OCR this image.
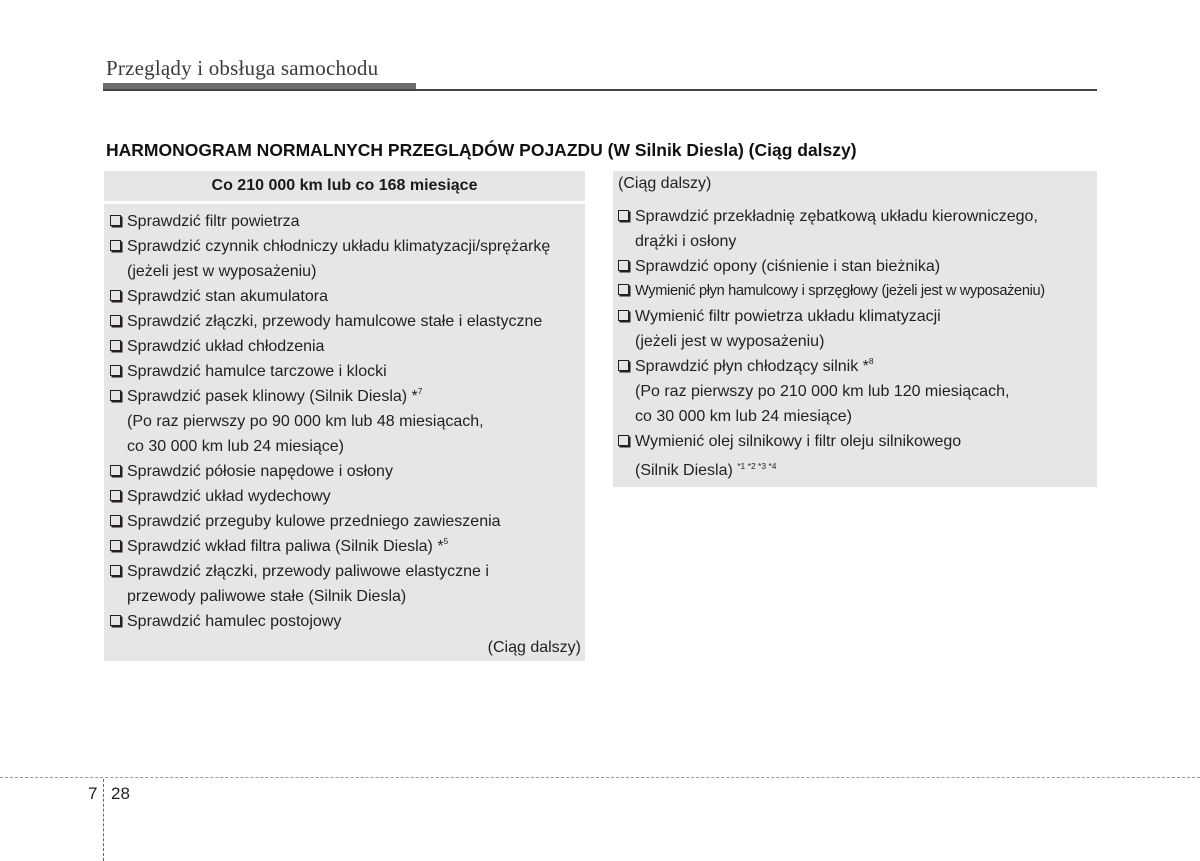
Przeglądy i obsługa samochodu
HARMONOGRAM NORMALNYCH PRZEGLĄDÓW POJAZDU (W Silnik Diesla) (Ciąg dalszy)
Co 210 000 km lub co 168 miesiące
Sprawdzić filtr powietrza
Sprawdzić czynnik chłodniczy układu klimatyzacji/sprężarkę
(jeżeli jest w wyposażeniu)
Sprawdzić stan akumulatora
Sprawdzić złączki, przewody hamulcowe stałe i elastyczne
Sprawdzić układ chłodzenia
Sprawdzić hamulce tarczowe i klocki
Sprawdzić pasek klinowy (Silnik Diesla) *$^7$
(Po raz pierwszy po 90 000 km lub 48 miesiącach,
co 30 000 km lub 24 miesiące)
Sprawdzić półosie napędowe i osłony
Sprawdzić układ wydechowy
Sprawdzić przeguby kulowe przedniego zawieszenia
Sprawdzić wkład filtra paliwa (Silnik Diesla) *$^5$
Sprawdzić złączki, przewody paliwowe elastyczne i
przewody paliwowe stałe (Silnik Diesla)
Sprawdzić hamulec postojowy
(Ciąg dalszy)
(Ciąg dalszy)
Sprawdzić przekładnię zębatkową układu kierowniczego,
drążki i osłony
Sprawdzić opony (ciśnienie i stan bieżnika)
Wymienić płyn hamulcowy i sprzęgłowy (jeżeli jest w wyposażeniu)
Wymienić filtr powietrza układu klimatyzacji
(jeżeli jest w wyposażeniu)
Sprawdzić płyn chłodzący silnik *$^8$
(Po raz pierwszy po 210 000 km lub 120 miesiącach,
co 30 000 km lub 24 miesiące)
Wymienić olej silnikowy i filtr oleju silnikowego
(Silnik Diesla) $^{*1 *2 *3 *4}$
7 28
